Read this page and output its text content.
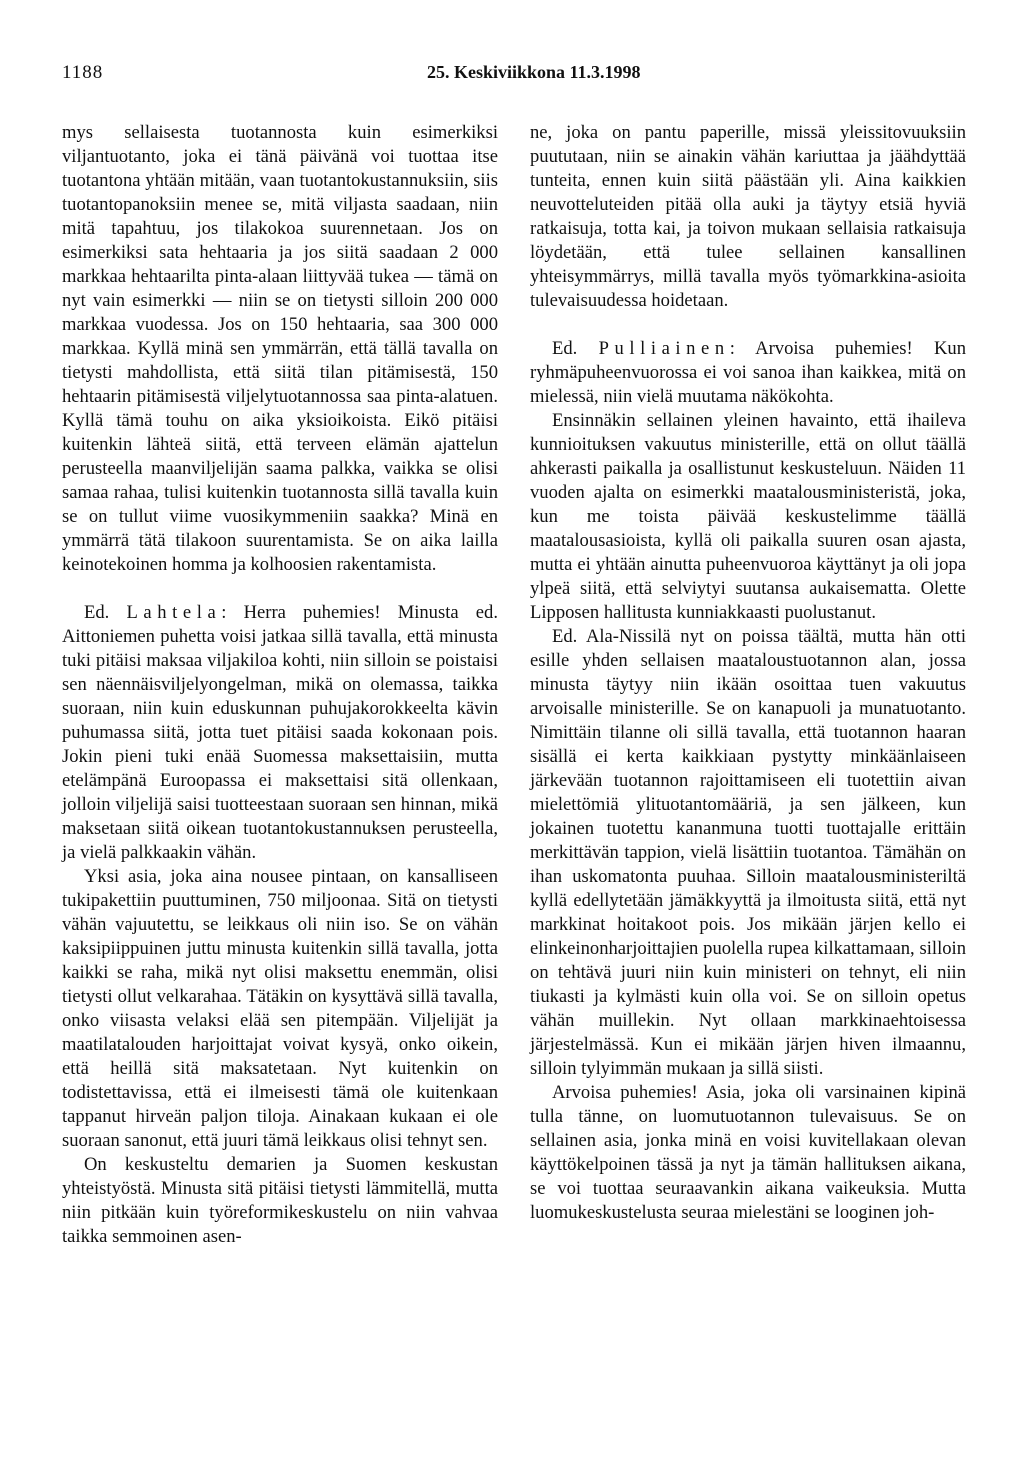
1188	25. Keskiviikkona 11.3.1998

mys sellaisesta tuotannosta kuin esimerkiksi viljantuotanto, joka ei tänä päivänä voi tuottaa itse tuotantona yhtään mitään, vaan tuotantokustannuksiin, siis tuotantopanoksiin menee se, mitä viljasta saadaan, niin mitä tapahtuu, jos tilakokoa suurennetaan. Jos on esimerkiksi sata hehtaaria ja jos siitä saadaan 2 000 markkaa hehtaarilta pinta-alaan liittyvää tukea — tämä on nyt vain esimerkki — niin se on tietysti silloin 200 000 markkaa vuodessa. Jos on 150 hehtaaria, saa 300 000 markkaa. Kyllä minä sen ymmärrän, että tällä tavalla on tietysti mahdollista, että siitä tilan pitämisestä, 150 hehtaarin pitämisestä viljelytuotannossa saa pinta-alatuen. Kyllä tämä touhu on aika yksioikoista. Eikö pitäisi kuitenkin lähteä siitä, että terveen elämän ajattelun perusteella maanviljelijän saama palkka, vaikka se olisi samaa rahaa, tulisi kuitenkin tuotannosta sillä tavalla kuin se on tullut viime vuosikymmeniin saakka? Minä en ymmärrä tätä tilakoon suurentamista. Se on aika lailla keinotekoinen homma ja kolhoosien rakentamista.

Ed. Lahtela: Herra puhemies! Minusta ed. Aittoniemen puhetta voisi jatkaa sillä tavalla, että minusta tuki pitäisi maksaa viljakiloa kohti, niin silloin se poistaisi sen näennäisviljelyongelman, mikä on olemassa, taikka suoraan, niin kuin eduskunnan puhujakorokkeelta kävin puhumassa siitä, jotta tuet pitäisi saada kokonaan pois. Jokin pieni tuki enää Suomessa maksettaisiin, mutta etelämpänä Euroopassa ei maksettaisi sitä ollenkaan, jolloin viljelijä saisi tuotteestaan suoraan sen hinnan, mikä maksetaan siitä oikean tuotantokustannuksen perusteella, ja vielä palkkaakin vähän.

Yksi asia, joka aina nousee pintaan, on kansalliseen tukipakettiin puuttuminen, 750 miljoonaa. Sitä on tietysti vähän vajuutettu, se leikkaus oli niin iso. Se on vähän kaksipiippuinen juttu minusta kuitenkin sillä tavalla, jotta kaikki se raha, mikä nyt olisi maksettu enemmän, olisi tietysti ollut velkarahaa. Tätäkin on kysyttävä sillä tavalla, onko viisasta velaksi elää sen pitempään. Viljelijät ja maatilatalouden harjoittajat voivat kysyä, onko oikein, että heillä sitä maksatetaan. Nyt kuitenkin on todistettavissa, että ei ilmeisesti tämä ole kuitenkaan tappanut hirveän paljon tiloja. Ainakaan kukaan ei ole suoraan sanonut, että juuri tämä leikkaus olisi tehnyt sen.

On keskusteltu demarien ja Suomen keskustan yhteistyöstä. Minusta sitä pitäisi tietysti lämmitellä, mutta niin pitkään kuin työreformikeskustelu on niin vahvaa taikka semmoinen asen-

ne, joka on pantu paperille, missä yleissitovuuksiin puututaan, niin se ainakin vähän kariuttaa ja jäähdyttää tunteita, ennen kuin siitä päästään yli. Aina kaikkien neuvotteluteiden pitää olla auki ja täytyy etsiä hyviä ratkaisuja, totta kai, ja toivon mukaan sellaisia ratkaisuja löydetään, että tulee sellainen kansallinen yhteisymmärrys, millä tavalla myös työmarkkina-asioita tulevaisuudessa hoidetaan.

Ed. Pulliainen: Arvoisa puhemies! Kun ryhmäpuheenvuorossa ei voi sanoa ihan kaikkea, mitä on mielessä, niin vielä muutama näkökohta.

Ensinnäkin sellainen yleinen havainto, että ihaileva kunnioituksen vakuutus ministerille, että on ollut täällä ahkerasti paikalla ja osallistunut keskusteluun. Näiden 11 vuoden ajalta on esimerkki maatalousministeristä, joka, kun me toista päivää keskustelimme täällä maatalousasioista, kyllä oli paikalla suuren osan ajasta, mutta ei yhtään ainutta puheenvuoroa käyttänyt ja oli jopa ylpeä siitä, että selviytyi suutansa aukaisematta. Olette Lipposen hallitusta kunniakkaasti puolustanut.

Ed. Ala-Nissilä nyt on poissa täältä, mutta hän otti esille yhden sellaisen maataloustuotannon alan, jossa minusta täytyy niin ikään osoittaa tuen vakuutus arvoisalle ministerille. Se on kanapuoli ja munatuotanto. Nimittäin tilanne oli sillä tavalla, että tuotannon haaran sisällä ei kerta kaikkiaan pystytty minkäänlaiseen järkevään tuotannon rajoittamiseen eli tuotettiin aivan mielettömiä ylituotantomääriä, ja sen jälkeen, kun jokainen tuotettu kananmuna tuotti tuottajalle erittäin merkittävän tappion, vielä lisättiin tuotantoa. Tämähän on ihan uskomatonta puuhaa. Silloin maatalousministeriltä kyllä edellytetään jämäkkyyttä ja ilmoitusta siitä, että nyt markkinat hoitakoot pois. Jos mikään järjen kello ei elinkeinonharjoittajien puolella rupea kilkattamaan, silloin on tehtävä juuri niin kuin ministeri on tehnyt, eli niin tiukasti ja kylmästi kuin olla voi. Se on silloin opetus vähän muillekin. Nyt ollaan markkinaehtoisessa järjestelmässä. Kun ei mikään järjen hiven ilmaannu, silloin tylyimmän mukaan ja sillä siisti.

Arvoisa puhemies! Asia, joka oli varsinainen kipinä tulla tänne, on luomutuotannon tulevaisuus. Se on sellainen asia, jonka minä en voisi kuvitellakaan olevan käyttökelpoinen tässä ja nyt ja tämän hallituksen aikana, se voi tuottaa seuraavankin aikana vaikeuksia. Mutta luomukeskustelusta seuraa mielestäni se looginen joh-
